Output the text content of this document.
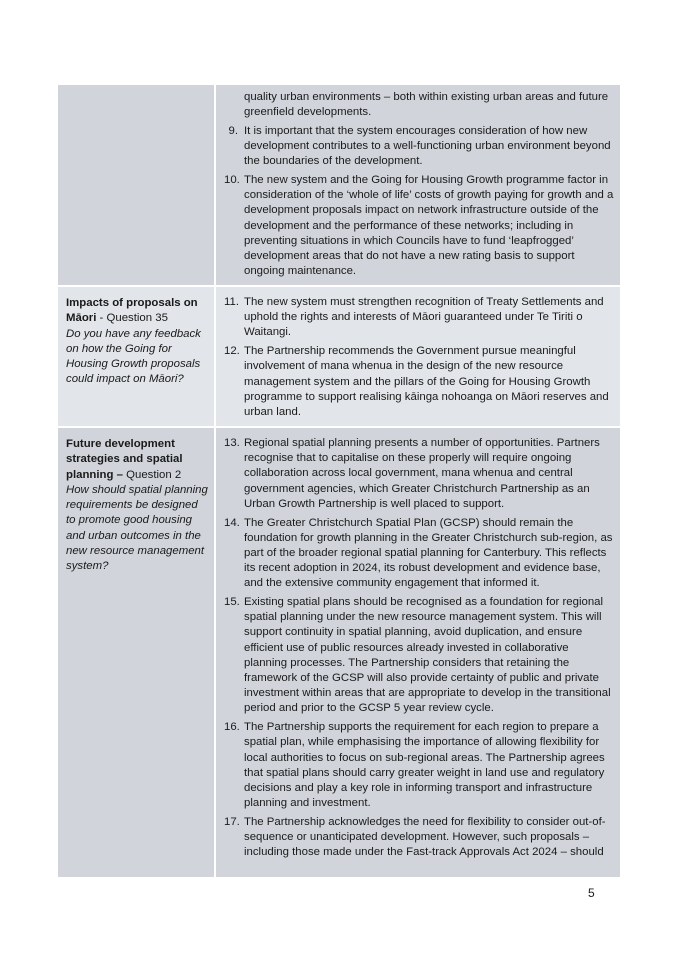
quality urban environments – both within existing urban areas and future greenfield developments.
9. It is important that the system encourages consideration of how new development contributes to a well-functioning urban environment beyond the boundaries of the development.
10. The new system and the Going for Housing Growth programme factor in consideration of the ‘whole of life’ costs of growth paying for growth and a development proposals impact on network infrastructure outside of the development and the performance of these networks; including in preventing situations in which Councils have to fund ‘leapfrogged’ development areas that do not have a new rating basis to support ongoing maintenance.
Impacts of proposals on Māori - Question 35
Do you have any feedback on how the Going for Housing Growth proposals could impact on Māori?
11. The new system must strengthen recognition of Treaty Settlements and uphold the rights and interests of Māori guaranteed under Te Tiriti o Waitangi.
12. The Partnership recommends the Government pursue meaningful involvement of mana whenua in the design of the new resource management system and the pillars of the Going for Housing Growth programme to support realising kāinga nohoanga on Māori reserves and urban land.
Future development strategies and spatial planning – Question 2
How should spatial planning requirements be designed to promote good housing and urban outcomes in the new resource management system?
13. Regional spatial planning presents a number of opportunities. Partners recognise that to capitalise on these properly will require ongoing collaboration across local government, mana whenua and central government agencies, which Greater Christchurch Partnership as an Urban Growth Partnership is well placed to support.
14. The Greater Christchurch Spatial Plan (GCSP) should remain the foundation for growth planning in the Greater Christchurch sub-region, as part of the broader regional spatial planning for Canterbury. This reflects its recent adoption in 2024, its robust development and evidence base, and the extensive community engagement that informed it.
15. Existing spatial plans should be recognised as a foundation for regional spatial planning under the new resource management system. This will support continuity in spatial planning, avoid duplication, and ensure efficient use of public resources already invested in collaborative planning processes. The Partnership considers that retaining the framework of the GCSP will also provide certainty of public and private investment within areas that are appropriate to develop in the transitional period and prior to the GCSP 5 year review cycle.
16. The Partnership supports the requirement for each region to prepare a spatial plan, while emphasising the importance of allowing flexibility for local authorities to focus on sub-regional areas. The Partnership agrees that spatial plans should carry greater weight in land use and regulatory decisions and play a key role in informing transport and infrastructure planning and investment.
17. The Partnership acknowledges the need for flexibility to consider out-of-sequence or unanticipated development. However, such proposals – including those made under the Fast-track Approvals Act 2024 – should
5
